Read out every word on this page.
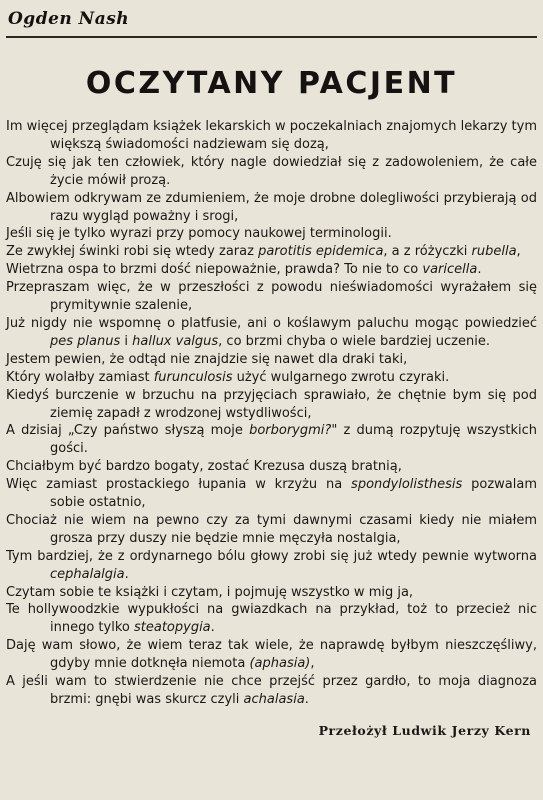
Ogden Nash
OCZYTANY PACJENT

Im więcej przeglądam książek lekarskich w poczekalniach znajomych lekarzy tym większą świadomości nadziewam się dozą,

Czuję się jak ten człowiek, który nagle dowiedział się z zadowoleniem, że całe życie mówił prozą.

Albowiem odkrywam ze zdumieniem, że moje drobne dolegliwości przybierają od razu wygląd poważny i srogi,

Jeśli się je tylko wyrazi przy pomocy naukowej terminologii.

Ze zwykłej świnki robi się wtedy zaraz parotitis epidemica, a z różyczki rubella,

Wietrzna ospa to brzmi dość niepoważnie, prawda? To nie to co varicella.

Przepraszam więc, że w przeszłości z powodu nieświadomości wyrażałem się prymitywnie szalenie,

Już nigdy nie wspomnę o platfusie, ani o koślawym paluchu mogąc powiedzieć pes planus i hallux valgus, co brzmi chyba o wiele bardziej uczenie.

Jestem pewien, że odtąd nie znajdzie się nawet dla draki taki,

Który wolałby zamiast furunculosis użyć wulgarnego zwrotu czyraki.

Kiedyś burczenie w brzuchu na przyjęciach sprawiało, że chętnie bym się pod ziemię zapadł z wrodzonej wstydliwości,

A dzisiaj „Czy państwo słyszą moje borborygmi?" z dumą rozpytuję wszystkich gości.

Chciałbym być bardzo bogaty, zostać Krezusa duszą bratnią,

Więc zamiast prostackiego łupania w krzyżu na spondylolisthesis pozwalam sobie ostatnio,

Chociaż nie wiem na pewno czy za tymi dawnymi czasami kiedy nie miałem grosza przy duszy nie będzie mnie męczyła nostalgia,

Tym bardziej, że z ordynarnego bólu głowy zrobi się już wtedy pewnie wytworna cephalalgia.

Czytam sobie te książki i czytam, i pojmuję wszystko w mig ja,

Te hollywoodzkie wypukłości na gwiazdkach na przykład, toż to przecież nic innego tylko steatopygia.

Daję wam słowo, że wiem teraz tak wiele, że naprawdę byłbym nieszczęśliwy, gdyby mnie dotknęła niemota (aphasia),

A jeśli wam to stwierdzenie nie chce przejść przez gardło, to moja diagnoza brzmi: gnębi was skurcz czyli achalasia.

Przełożył Ludwik Jerzy Kern
